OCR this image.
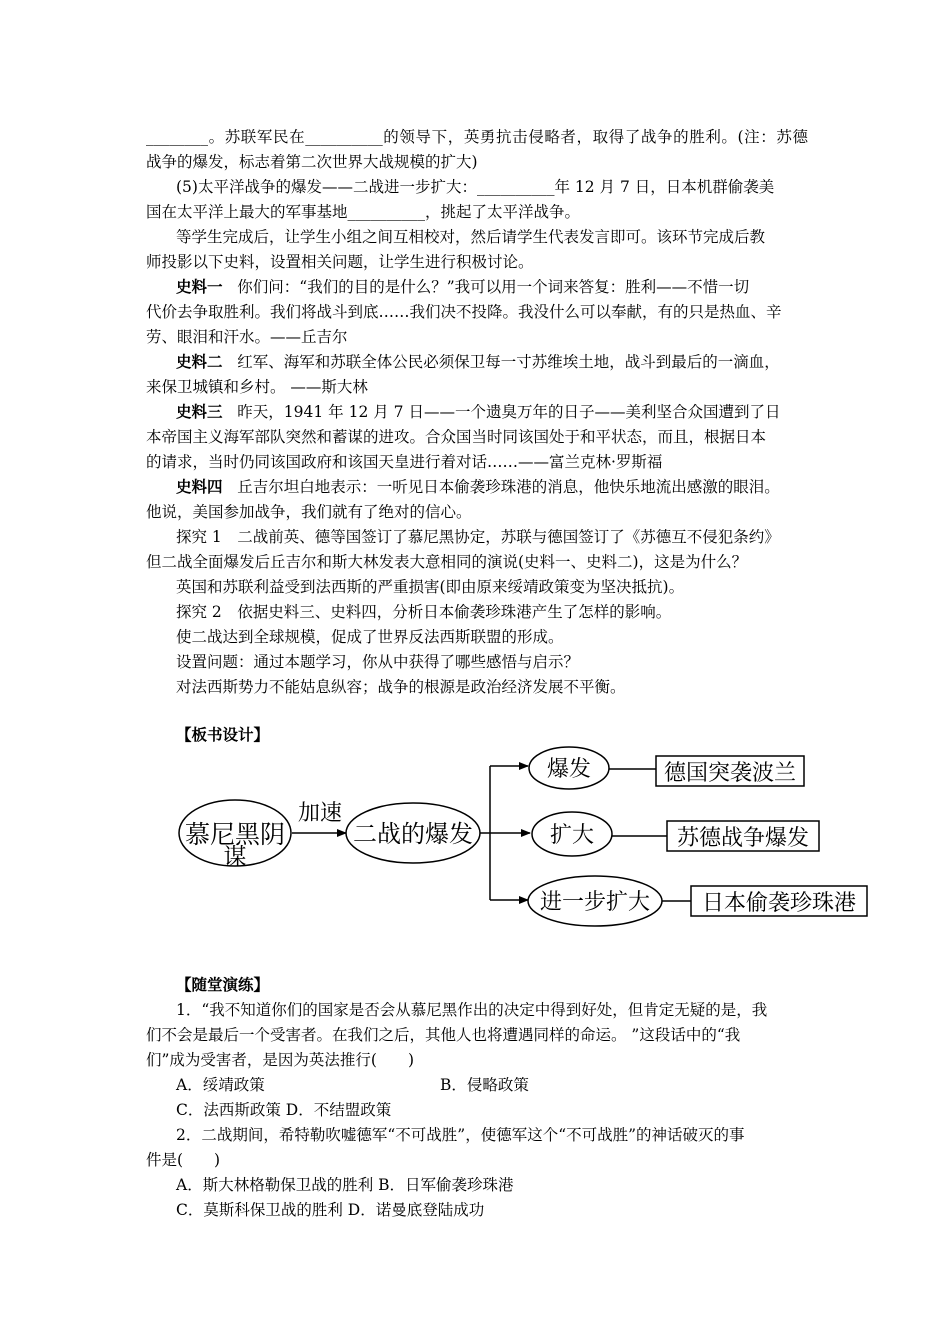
________。苏联军民在__________的领导下，英勇抗击侵略者，取得了战争的胜利。(注：苏德
战争的爆发，标志着第二次世界大战规模的扩大)
(5)太平洋战争的爆发——二战进一步扩大：__________年 12 月 7 日，日本机群偷袭美
国在太平洋上最大的军事基地__________，挑起了太平洋战争。
等学生完成后，让学生小组之间互相校对，然后请学生代表发言即可。该环节完成后教
师投影以下史料，设置相关问题，让学生进行积极讨论。
史料一 你们问：“我们的目的是什么？”我可以用一个词来答复：胜利——不惜一切
代价去争取胜利。我们将战斗到底……我们决不投降。我没什么可以奉献，有的只是热血、辛
劳、眼泪和汗水。——丘吉尔
史料二 红军、海军和苏联全体公民必须保卫每一寸苏维埃土地，战斗到最后的一滴血，
来保卫城镇和乡村。 ——斯大林
史料三 昨天，1941 年 12 月 7 日——一个遗臭万年的日子——美利坚合众国遭到了日
本帝国主义海军部队突然和蓄谋的进攻。合众国当时同该国处于和平状态，而且，根据日本
的请求，当时仍同该国政府和该国天皇进行着对话……——富兰克林·罗斯福
史料四 丘吉尔坦白地表示：一听见日本偷袭珍珠港的消息，他快乐地流出感激的眼泪。
他说，美国参加战争，我们就有了绝对的信心。
探究 1　二战前英、德等国签订了慕尼黑协定，苏联与德国签订了《苏德互不侵犯条约》
但二战全面爆发后丘吉尔和斯大林发表大意相同的演说(史料一、史料二)，这是为什么？
英国和苏联利益受到法西斯的严重损害(即由原来绥靖政策变为坚决抵抗)。
探究 2　依据史料三、史料四，分析日本偷袭珍珠港产生了怎样的影响。
使二战达到全球规模，促成了世界反法西斯联盟的形成。
设置问题：通过本题学习，你从中获得了哪些感悟与启示？
对法西斯势力不能姑息纵容；战争的根源是政治经济发展不平衡。
【板书设计】
慕尼黑阴
谋
加速
二战的爆发
爆发	德国突袭波兰
扩大	苏德战争爆发
进一步扩大 日本偷袭珍珠港
【随堂演练】
1．“我不知道你们的国家是否会从慕尼黑作出的决定中得到好处，但肯定无疑的是，我
们不会是最后一个受害者。在我们之后，其他人也将遭遇同样的命运。 ”这段话中的“我
们”成为受害者，是因为英法推行(　　)
A．绥靖政策	B．侵略政策
C．法西斯政策 D．不结盟政策
2．二战期间，希特勒吹嘘德军“不可战胜”，使德军这个“不可战胜”的神话破灭的事
件是(　　)
A．斯大林格勒保卫战的胜利 B．日军偷袭珍珠港
C．莫斯科保卫战的胜利 D．诺曼底登陆成功
